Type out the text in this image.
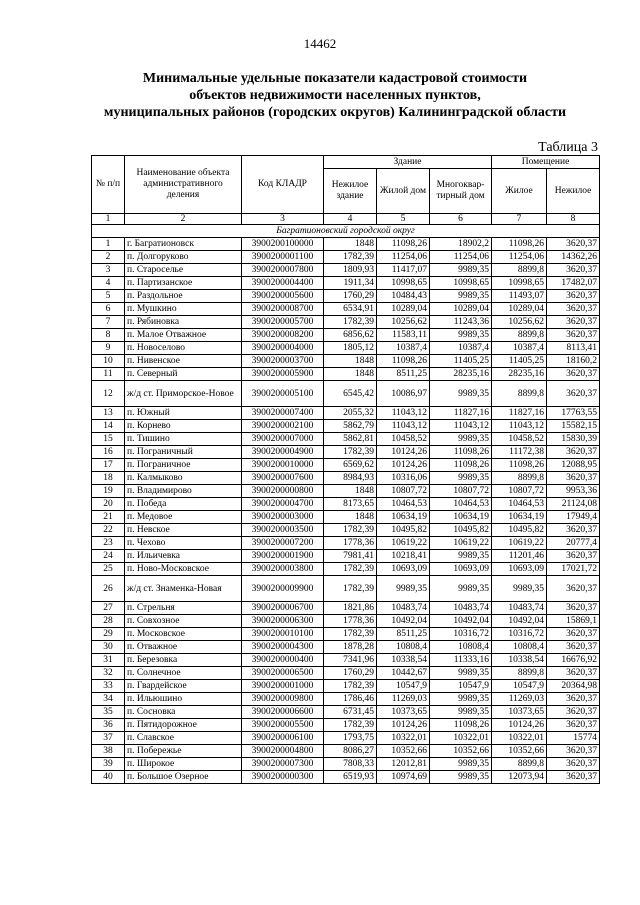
14462
Минимальные удельные показатели кадастровой стоимости
объектов недвижимости населенных пунктов,
муниципальных районов (городских округов) Калининградской области
Таблица 3
№ п/п	Наименование объекта административного деления	Код КЛАДР	Здание			Помещение	
			Нежилое здание	Жилой дом	Многоквар-тирный дом	Жилое	Нежилое
1	2	3	4	5	6	7	8
Багратионовский городской округ							
1	г. Багратионовск	3900200100000	1848	11098,26	18902,2	11098,26	3620,37
2	п. Долгоруково	3900200001100	1782,39	11254,06	11254,06	11254,06	14362,26
3	п. Староселье	3900200007800	1809,93	11417,07	9989,35	8899,8	3620,37
4	п. Партизанское	3900200004400	1911,34	10998,65	10998,65	10998,65	17482,07
5	п. Раздольное	3900200005600	1760,29	10484,43	9989,35	11493,07	3620,37
6	п. Мушкино	3900200008700	6534,91	10289,04	10289,04	10289,04	3620,37
7	п. Рябиновка	3900200005700	1782,39	10256,62	11243,36	10256,62	3620,37
8	п. Малое Отважное	3900200008200	6856,62	11583,11	9989,35	8899,8	3620,37
9	п. Новоселово	3900200004000	1805,12	10387,4	10387,4	10387,4	8113,41
10	п. Нивенское	3900200003700	1848	11098,26	11405,25	11405,25	18160,2
11	п. Северный	3900200005900	1848	8511,25	28235,16	28235,16	3620,37
12	ж/д ст. Приморское-Новое	3900200005100	6545,42	10086,97	9989,35	8899,8	3620,37
13	п. Южный	3900200007400	2055,32	11043,12	11827,16	11827,16	17763,55
14	п. Корнево	3900200002100	5862,79	11043,12	11043,12	11043,12	15582,15
15	п. Тишино	3900200007000	5862,81	10458,52	9989,35	10458,52	15830,39
16	п. Пограничный	3900200004900	1782,39	10124,26	11098,26	11172,38	3620,37
17	п. Пограничное	3900200010000	6569,62	10124,26	11098,26	11098,26	12088,95
18	п. Калмыково	3900200007600	8984,93	10316,06	9989,35	8899,8	3620,37
19	п. Владимирово	3900200000800	1848	10807,72	10807,72	10807,72	9953,36
20	п. Победа	3900200004700	8173,65	10464,53	10464,53	10464,53	21124,08
21	п. Медовое	3900200003000	1848	10634,19	10634,19	10634,19	17949,4
22	п. Невское	3900200003500	1782,39	10495,82	10495,82	10495,82	3620,37
23	п. Чехово	3900200007200	1778,36	10619,22	10619,22	10619,22	20777,4
24	п. Ильичевка	3900200001900	7981,41	10218,41	9989,35	11201,46	3620,37
25	п. Ново-Московское	3900200003800	1782,39	10693,09	10693,09	10693,09	17021,72
26	ж/д ст. Знаменка-Новая	3900200009900	1782,39	9989,35	9989,35	9989,35	3620,37
27	п. Стрельня	3900200006700	1821,86	10483,74	10483,74	10483,74	3620,37
28	п. Совхозное	3900200006300	1778,36	10492,04	10492,04	10492,04	15869,1
29	п. Московское	3900200010100	1782,39	8511,25	10316,72	10316,72	3620,37
30	п. Отважное	3900200004300	1878,28	10808,4	10808,4	10808,4	3620,37
31	п. Березовка	3900200000400	7341,96	10338,54	11333,16	10338,54	16676,92
32	п. Солнечное	3900200006500	1760,29	10442,67	9989,35	8899,8	3620,37
33	п. Гвардейское	3900200001000	1782,39	10547,9	10547,9	10547,9	20364,98
34	п. Ильюшино	3900200009800	1786,46	11269,03	9989,35	11269,03	3620,37
35	п. Сосновка	3900200006600	6731,45	10373,65	9989,35	10373,65	3620,37
36	п. Пятидорожное	3900200005500	1782,39	10124,26	11098,26	10124,26	3620,37
37	п. Славское	3900200006100	1793,75	10322,01	10322,01	10322,01	15774
38	п. Побережье	3900200004800	8086,27	10352,66	10352,66	10352,66	3620,37
39	п. Широкое	3900200007300	7808,33	12012,81	9989,35	8899,8	3620,37
40	п. Большое Озерное	3900200000300	6519,93	10974,69	9989,35	12073,94	3620,37
